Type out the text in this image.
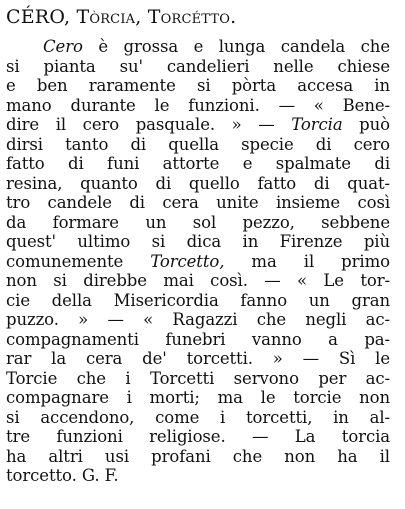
CÉRO, Tòrcia, Torcétto.
Cero è grossa e lunga candela che
si pianta su' candelieri nelle chiese
e ben raramente si pòrta accesa in
mano durante le funzioni. — « Bene-
dire il cero pasquale. » — Torcia può
dirsi tanto di quella specie di cero
fatto di funi attorte e spalmate di
resina, quanto di quello fatto di quat-
tro candele di cera unite insieme così
da formare un sol pezzo, sebbene
quest' ultimo si dica in Firenze più
comunemente Torcetto, ma il primo
non si direbbe mai così. — « Le tor-
cie della Misericordia fanno un gran
puzzo. » — « Ragazzi che negli ac-
compagnamenti funebri vanno a pa-
rar la cera de' torcetti. » — Sì le
Torcie che i Torcetti servono per ac-
compagnare i morti; ma le torcie non
si accendono, come i torcetti, in al-
tre funzioni religiose. — La torcia
ha altri usi profani che non ha il
torcetto. G. F.
